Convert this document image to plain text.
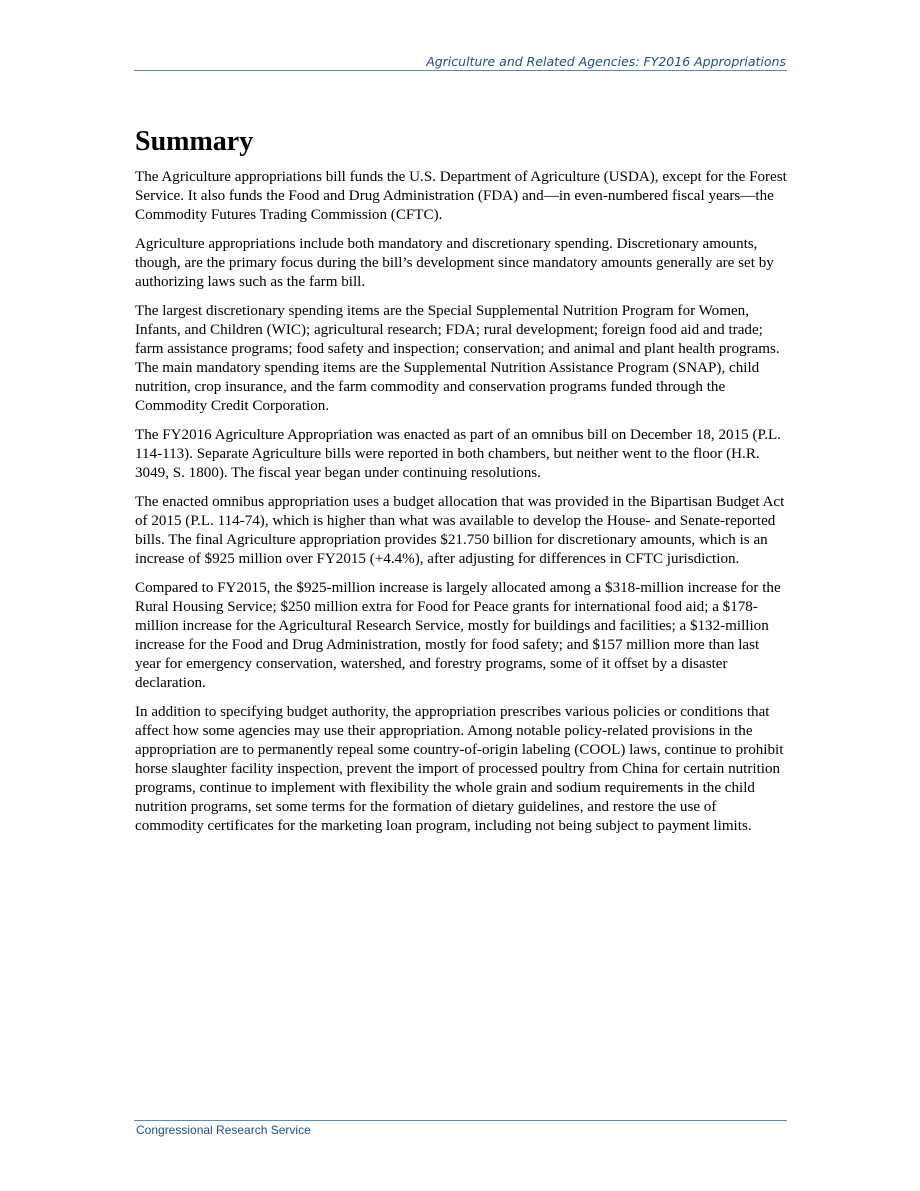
Agriculture and Related Agencies: FY2016 Appropriations
Summary

The Agriculture appropriations bill funds the U.S. Department of Agriculture (USDA), except for the Forest Service. It also funds the Food and Drug Administration (FDA) and—in even-numbered fiscal years—the Commodity Futures Trading Commission (CFTC).

Agriculture appropriations include both mandatory and discretionary spending. Discretionary amounts, though, are the primary focus during the bill’s development since mandatory amounts generally are set by authorizing laws such as the farm bill.

The largest discretionary spending items are the Special Supplemental Nutrition Program for Women, Infants, and Children (WIC); agricultural research; FDA; rural development; foreign food aid and trade; farm assistance programs; food safety and inspection; conservation; and animal and plant health programs. The main mandatory spending items are the Supplemental Nutrition Assistance Program (SNAP), child nutrition, crop insurance, and the farm commodity and conservation programs funded through the Commodity Credit Corporation.

The FY2016 Agriculture Appropriation was enacted as part of an omnibus bill on December 18, 2015 (P.L. 114-113). Separate Agriculture bills were reported in both chambers, but neither went to the floor (H.R. 3049, S. 1800). The fiscal year began under continuing resolutions.

The enacted omnibus appropriation uses a budget allocation that was provided in the Bipartisan Budget Act of 2015 (P.L. 114-74), which is higher than what was available to develop the House- and Senate-reported bills. The final Agriculture appropriation provides $21.750 billion for discretionary amounts, which is an increase of $925 million over FY2015 (+4.4%), after adjusting for differences in CFTC jurisdiction.

Compared to FY2015, the $925-million increase is largely allocated among a $318-million increase for the Rural Housing Service; $250 million extra for Food for Peace grants for international food aid; a $178-million increase for the Agricultural Research Service, mostly for buildings and facilities; a $132-million increase for the Food and Drug Administration, mostly for food safety; and $157 million more than last year for emergency conservation, watershed, and forestry programs, some of it offset by a disaster declaration.

In addition to specifying budget authority, the appropriation prescribes various policies or conditions that affect how some agencies may use their appropriation. Among notable policy-related provisions in the appropriation are to permanently repeal some country-of-origin labeling (COOL) laws, continue to prohibit horse slaughter facility inspection, prevent the import of processed poultry from China for certain nutrition programs, continue to implement with flexibility the whole grain and sodium requirements in the child nutrition programs, set some terms for the formation of dietary guidelines, and restore the use of commodity certificates for the marketing loan program, including not being subject to payment limits.

Congressional Research Service
